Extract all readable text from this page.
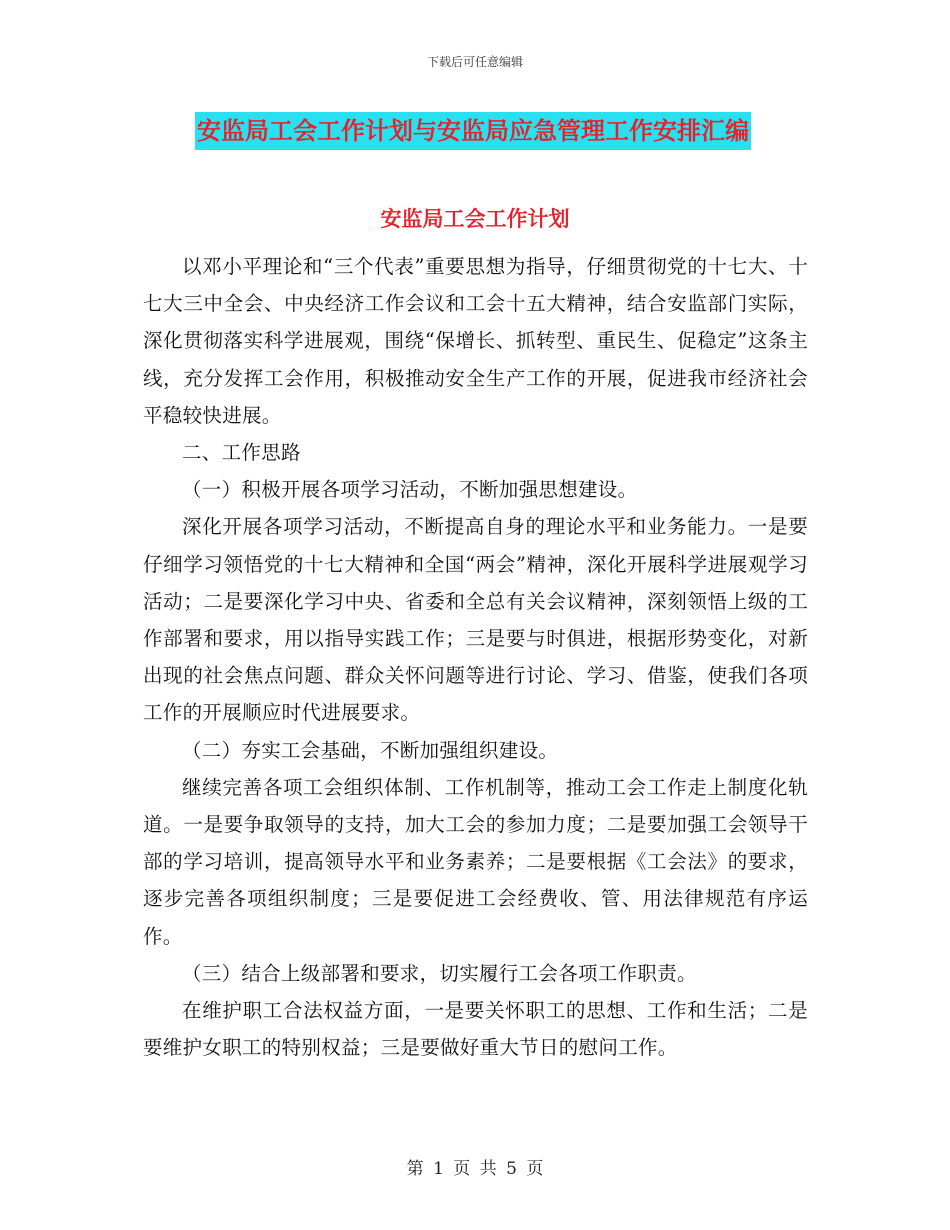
下载后可任意编辑
安监局工会工作计划与安监局应急管理工作安排汇编
安监局工会工作计划

以邓小平理论和“三个代表”重要思想为指导，仔细贯彻党的十七大、十七大三中全会、中央经济工作会议和工会十五大精神，结合安监部门实际，深化贯彻落实科学进展观，围绕“保增长、抓转型、重民生、促稳定”这条主线，充分发挥工会作用，积极推动安全生产工作的开展，促进我市经济社会平稳较快进展。

二、工作思路

（一）积极开展各项学习活动，不断加强思想建设。

深化开展各项学习活动，不断提高自身的理论水平和业务能力。一是要仔细学习领悟党的十七大精神和全国“两会”精神，深化开展科学进展观学习活动；二是要深化学习中央、省委和全总有关会议精神，深刻领悟上级的工作部署和要求，用以指导实践工作；三是要与时俱进，根据形势变化，对新出现的社会焦点问题、群众关怀问题等进行讨论、学习、借鉴，使我们各项工作的开展顺应时代进展要求。

（二）夯实工会基础，不断加强组织建设。

继续完善各项工会组织体制、工作机制等，推动工会工作走上制度化轨道。一是要争取领导的支持，加大工会的参加力度；二是要加强工会领导干部的学习培训，提高领导水平和业务素养；二是要根据《工会法》的要求，逐步完善各项组织制度；三是要促进工会经费收、管、用法律规范有序运作。

（三）结合上级部署和要求，切实履行工会各项工作职责。

在维护职工合法权益方面，一是要关怀职工的思想、工作和生活；二是要维护女职工的特别权益；三是要做好重大节日的慰问工作。

第 1 页 共 5 页
